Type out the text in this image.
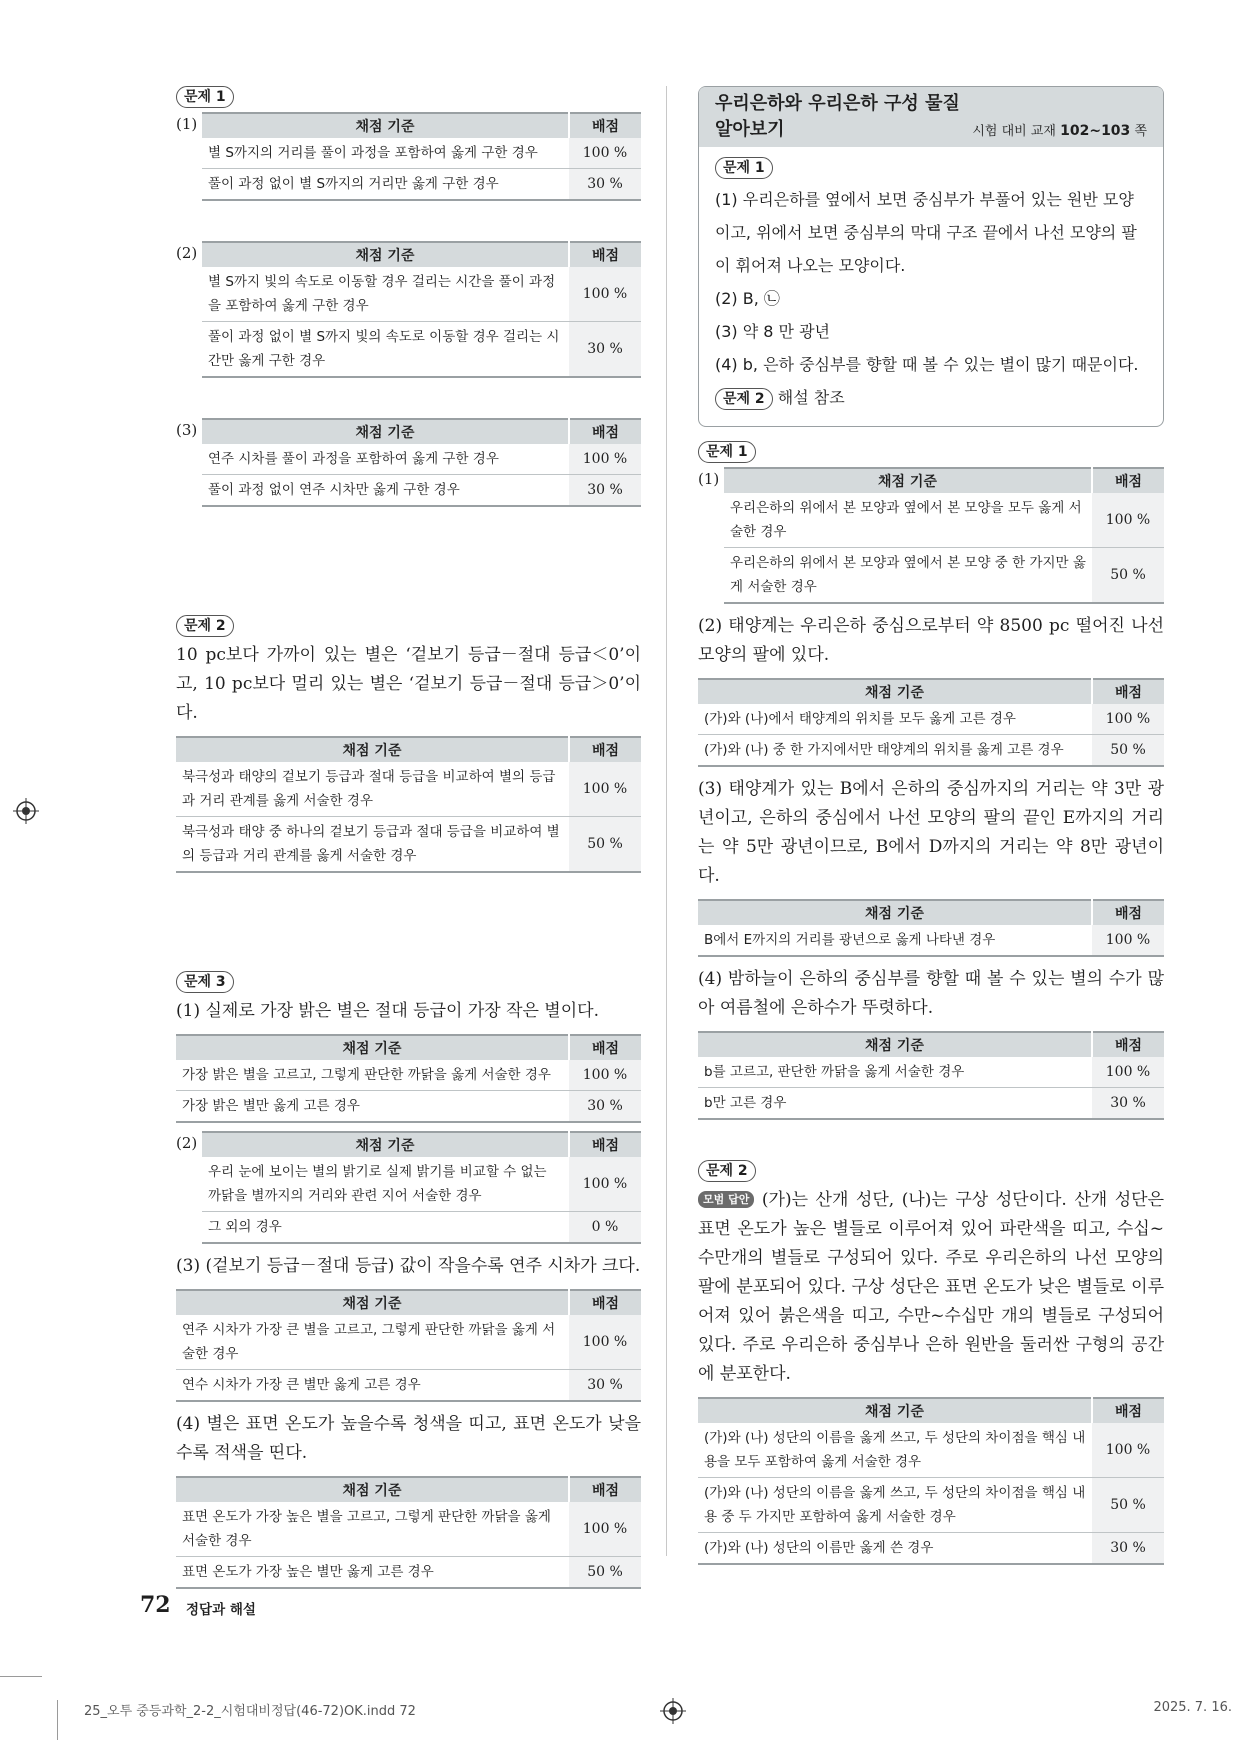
문제 1
(1)	채점 기준	배점
별 S까지의 거리를 풀이 과정을 포함하여 옳게 구한 경우	100 %
풀이 과정 없이 별 S까지의 거리만 옳게 구한 경우	30 %
(2)	채점 기준	배점
별 S까지 빛의 속도로 이동할 경우 걸리는 시간을 풀이 과정을 포함하여 옳게 구한 경우	100 %
풀이 과정 없이 별 S까지 빛의 속도로 이동할 경우 걸리는 시간만 옳게 구한 경우	30 %
(3)	채점 기준	배점
연주 시차를 풀이 과정을 포함하여 옳게 구한 경우	100 %
풀이 과정 없이 연주 시차만 옳게 구한 경우	30 %
문제 2

10 pc보다 가까이 있는 별은 ‘겉보기 등급－절대 등급＜0’이고, 10 pc보다 멀리 있는 별은 ‘겉보기 등급－절대 등급＞0’이다.

채점 기준	배점
북극성과 태양의 겉보기 등급과 절대 등급을 비교하여 별의 등급과 거리 관계를 옳게 서술한 경우	100 %
북극성과 태양 중 하나의 겉보기 등급과 절대 등급을 비교하여 별의 등급과 거리 관계를 옳게 서술한 경우	50 %
문제 3

(1) 실제로 가장 밝은 별은 절대 등급이 가장 작은 별이다.

채점 기준	배점
가장 밝은 별을 고르고, 그렇게 판단한 까닭을 옳게 서술한 경우	100 %
가장 밝은 별만 옳게 고른 경우	30 %
(2)	채점 기준	배점
우리 눈에 보이는 별의 밝기로 실제 밝기를 비교할 수 없는 까닭을 별까지의 거리와 관련 지어 서술한 경우	100 %
그 외의 경우	0 %

(3) (겉보기 등급－절대 등급) 값이 작을수록 연주 시차가 크다.

채점 기준	배점
연주 시차가 가장 큰 별을 고르고, 그렇게 판단한 까닭을 옳게 서술한 경우	100 %
연수 시차가 가장 큰 별만 옳게 고른 경우	30 %

(4) 별은 표면 온도가 높을수록 청색을 띠고, 표면 온도가 낮을수록 적색을 띤다.

채점 기준	배점
표면 온도가 가장 높은 별을 고르고, 그렇게 판단한 까닭을 옳게 서술한 경우	100 %
표면 온도가 가장 높은 별만 옳게 고른 경우	50 %
우리은하와 우리은하 구성 물질
알아보기	시험 대비 교재 102~103 쪽
문제 1

(1) 우리은하를 옆에서 보면 중심부가 부풀어 있는 원반 모양이고, 위에서 보면 중심부의 막대 구조 끝에서 나선 모양의 팔이 휘어져 나오는 모양이다.

(2) B, ㉡

(3) 약 8 만 광년

(4) b, 은하 중심부를 향할 때 볼 수 있는 별이 많기 때문이다.

문제 2 해설 참조
문제 1
(1)	채점 기준	배점
우리은하의 위에서 본 모양과 옆에서 본 모양을 모두 옳게 서술한 경우	100 %
우리은하의 위에서 본 모양과 옆에서 본 모양 중 한 가지만 옳게 서술한 경우	50 %

(2) 태양계는 우리은하 중심으로부터 약 8500 pc 떨어진 나선 모양의 팔에 있다.

채점 기준	배점
(가)와 (나)에서 태양계의 위치를 모두 옳게 고른 경우	100 %
(가)와 (나) 중 한 가지에서만 태양계의 위치를 옳게 고른 경우	50 %

(3) 태양계가 있는 B에서 은하의 중심까지의 거리는 약 3만 광년이고, 은하의 중심에서 나선 모양의 팔의 끝인 E까지의 거리는 약 5만 광년이므로, B에서 D까지의 거리는 약 8만 광년이다.

채점 기준	배점
B에서 E까지의 거리를 광년으로 옳게 나타낸 경우	100 %

(4) 밤하늘이 은하의 중심부를 향할 때 볼 수 있는 별의 수가 많아 여름철에 은하수가 뚜렷하다.

채점 기준	배점
b를 고르고, 판단한 까닭을 옳게 서술한 경우	100 %
b만 고른 경우	30 %
문제 2

모범 답안 (가)는 산개 성단, (나)는 구상 성단이다. 산개 성단은 표면 온도가 높은 별들로 이루어져 있어 파란색을 띠고, 수십~수만개의 별들로 구성되어 있다. 주로 우리은하의 나선 모양의 팔에 분포되어 있다. 구상 성단은 표면 온도가 낮은 별들로 이루어져 있어 붉은색을 띠고, 수만~수십만 개의 별들로 구성되어 있다. 주로 우리은하 중심부나 은하 원반을 둘러싼 구형의 공간에 분포한다.

채점 기준	배점
(가)와 (나) 성단의 이름을 옳게 쓰고, 두 성단의 차이점을 핵심 내용을 모두 포함하여 옳게 서술한 경우	100 %
(가)와 (나) 성단의 이름을 옳게 쓰고, 두 성단의 차이점을 핵심 내용 중 두 가지만 포함하여 옳게 서술한 경우	50 %
(가)와 (나) 성단의 이름만 옳게 쓴 경우	30 %
72 정답과 해설
25_오투 중등과학_2-2_시험대비정답(46-72)OK.indd 72	2025. 7. 16.
